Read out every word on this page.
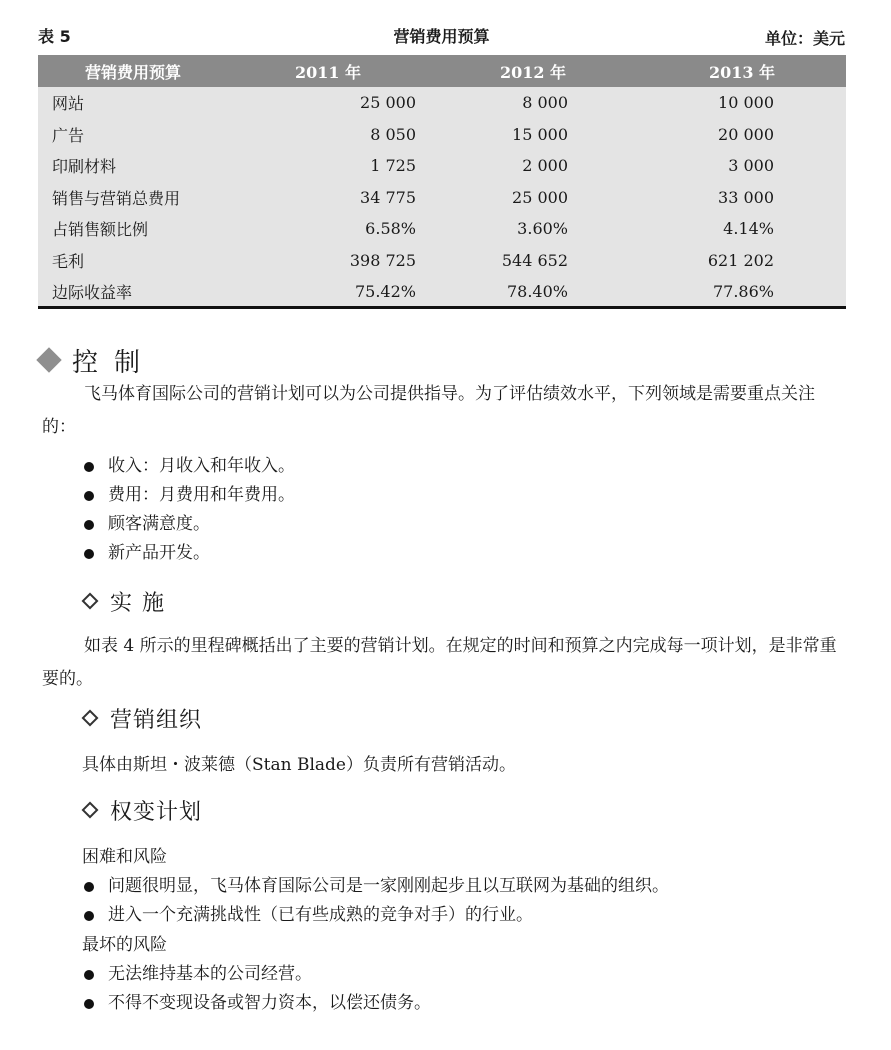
表 5	营销费用预算	单位：美元
营销费用预算	2011 年	2012 年	2013 年
网站	25 000	8 000	10 000
广告	8 050	15 000	20 000
印刷材料	1 725	2 000	3 000
销售与营销总费用	34 775	25 000	33 000
占销售额比例	6.58%	3.60%	4.14%
毛利	398 725	544 652	621 202
边际收益率	75.42%	78.40%	77.86%
控制

飞马体育国际公司的营销计划可以为公司提供指导。为了评估绩效水平，下列领域是需要重点关注的：

收入：月收入和年收入。
费用：月费用和年费用。
顾客满意度。
新产品开发。
实施

如表 4 所示的里程碑概括出了主要的营销计划。在规定的时间和预算之内完成每一项计划，是非常重要的。

营销组织

具体由斯坦・波莱德（Stan Blade）负责所有营销活动。

权变计划
困难和风险
问题很明显，飞马体育国际公司是一家刚刚起步且以互联网为基础的组织。
进入一个充满挑战性（已有些成熟的竞争对手）的行业。
最坏的风险
无法维持基本的公司经营。
不得不变现设备或智力资本，以偿还债务。
